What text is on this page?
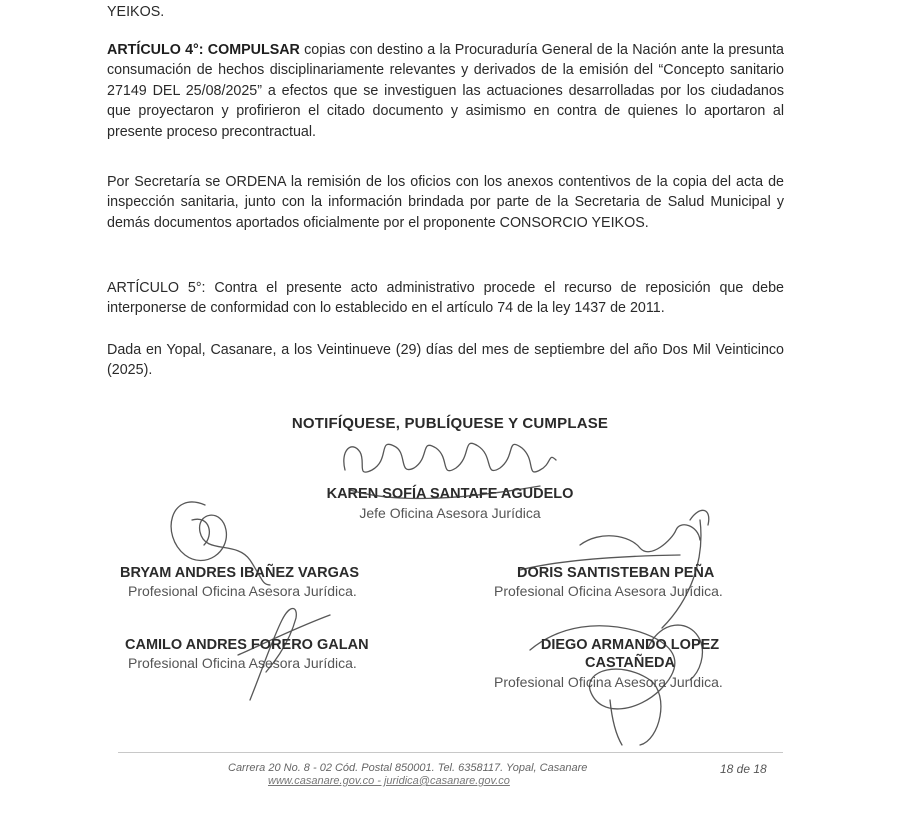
YEIKOS.

ARTÍCULO 4°: COMPULSAR copias con destino a la Procuraduría General de la Nación ante la presunta consumación de hechos disciplinariamente relevantes y derivados de la emisión del “Concepto sanitario 27149 DEL 25/08/2025” a efectos que se investiguen las actuaciones desarrolladas por los ciudadanos que proyectaron y profirieron el citado documento y asimismo en contra de quienes lo aportaron al presente proceso precontractual.

Por Secretaría se ORDENA la remisión de los oficios con los anexos contentivos de la copia del acta de inspección sanitaria, junto con la información brindada por parte de la Secretaria de Salud Municipal y demás documentos aportados oficialmente por el proponente CONSORCIO YEIKOS.

ARTÍCULO 5°: Contra el presente acto administrativo procede el recurso de reposición que debe interponerse de conformidad con lo establecido en el artículo 74 de la ley 1437 de 2011.

Dada en Yopal, Casanare, a los Veintinueve (29) días del mes de septiembre del año Dos Mil Veinticinco (2025).

NOTIFÍQUESE, PUBLÍQUESE Y CUMPLASE
KAREN SOFÍA SANTAFE AGUDELO
Jefe Oficina Asesora Jurídica
BRYAM ANDRES IBAÑEZ VARGAS
Profesional Oficina Asesora Jurídica.
CAMILO ANDRES FORERO GALAN
Profesional Oficina Asesora Jurídica.
DORIS SANTISTEBAN PEÑA
Profesional Oficina Asesora Jurídica.
DIEGO ARMANDO LOPEZ
CASTAÑEDA
Profesional Oficina Asesora Jurídica.
Carrera 20 No. 8 - 02 Cód. Postal 850001. Tel. 6358117. Yopal, Casanare
www.casanare.gov.co - juridica@casanare.gov.co
18 de 18
